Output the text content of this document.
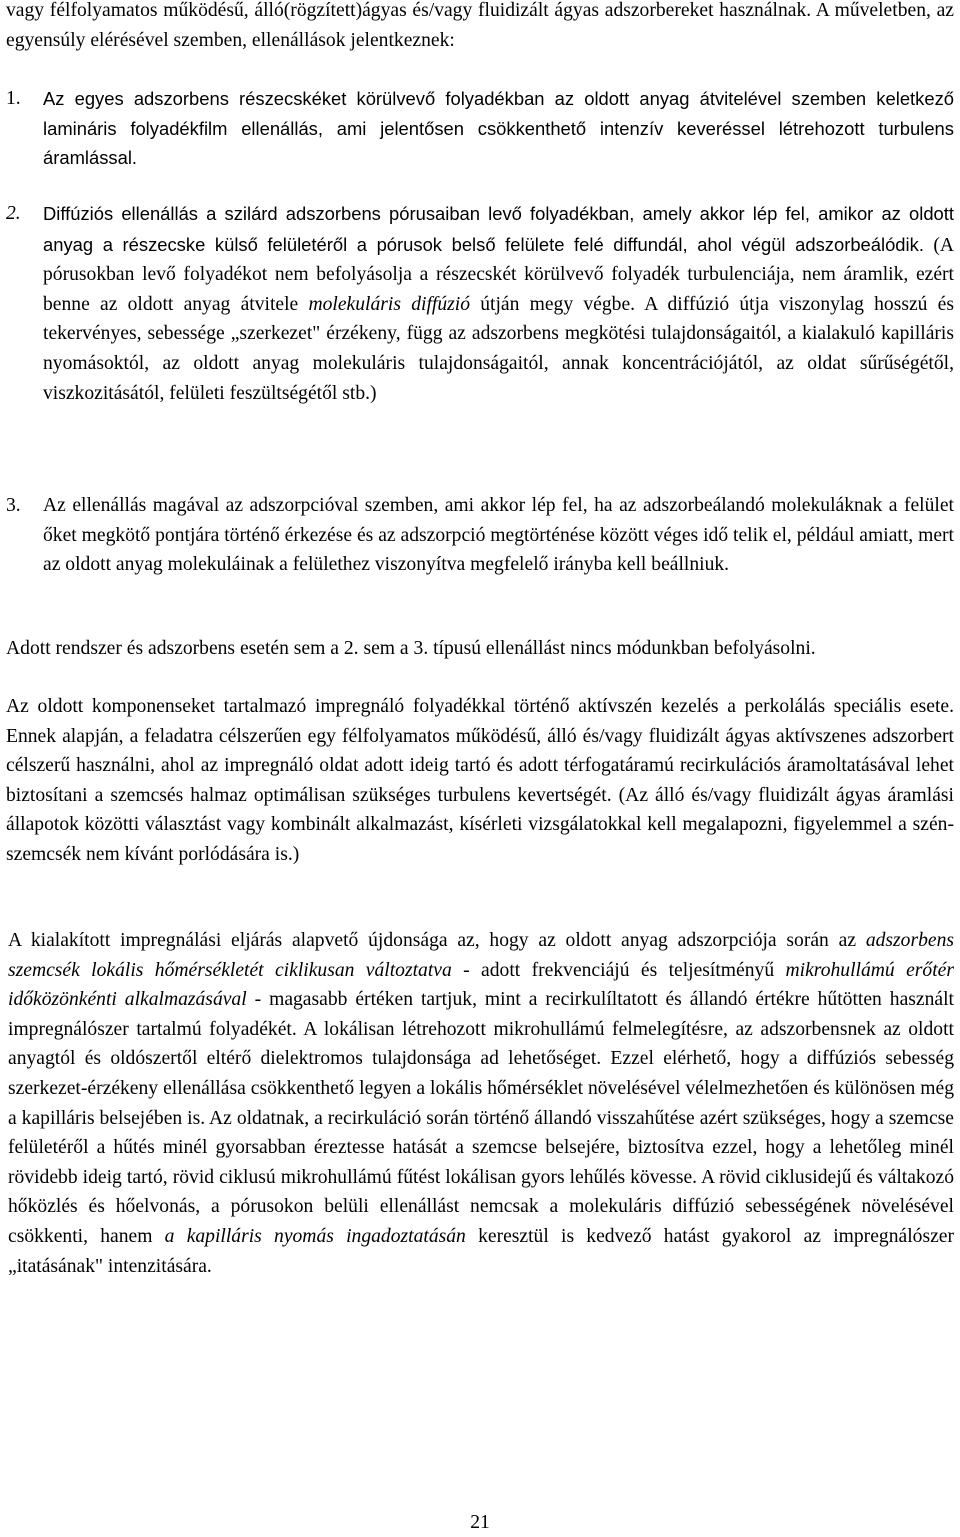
vagy félfolyamatos működésű, álló(rögzített)ágyas és/vagy fluidizált ágyas adszorbereket használnak. A műveletben, az egyensúly elérésével szemben, ellenállások jelentkeznek:

1.	Az egyes adszorbens részecskéket körülvevő folyadékban az oldott anyag átvitelével szemben keletkező lamináris folyadékfilm ellenállás, ami jelentősen csökkenthető intenzív keveréssel létrehozott turbulens áramlással.
2.	Diffúziós ellenállás a szilárd adszorbens pórusaiban levő folyadékban, amely akkor lép fel, amikor az oldott anyag a részecske külső felületéről a pórusok belső felülete felé diffundál, ahol végül adszorbeálódik. (A pórusokban levő folyadékot nem befolyásolja a részecskét körülvevő folyadék turbulenciája, nem áramlik, ezért benne az oldott anyag átvitele molekuláris diffúzió útján megy végbe. A diffúzió útja viszonylag hosszú és tekervényes, sebessége „szerkezet" érzékeny, függ az adszorbens megkötési tulajdonságaitól, a kialakuló kapilláris nyomásoktól, az oldott anyag molekuláris tulajdonságaitól, annak koncentrációjától, az oldat sűrűségétől, viszkozitásától, felületi feszültségétől stb.)
3.	Az ellenállás magával az adszorpcióval szemben, ami akkor lép fel, ha az adszorbeálandó molekuláknak a felület őket megkötő pontjára történő érkezése és az adszorpció megtörténése között véges idő telik el, például amiatt, mert az oldott anyag molekuláinak a felülethez viszonyítva megfelelő irányba kell beállniuk.

Adott rendszer és adszorbens esetén sem a 2. sem a 3. típusú ellenállást nincs módunkban befolyásolni.

Az oldott komponenseket tartalmazó impregnáló folyadékkal történő aktívszén kezelés a perkolálás speciális esete. Ennek alapján, a feladatra célszerűen egy félfolyamatos működésű, álló és/vagy fluidizált ágyas aktívszenes adszorbert célszerű használni, ahol az impregnáló oldat adott ideig tartó és adott térfogatáramú recirkulációs áramoltatásával lehet biztosítani a szemcsés halmaz optimálisan szükséges turbulens kevertségét. (Az álló és/vagy fluidizált ágyas áramlási állapotok közötti választást vagy kombinált alkalmazást, kísérleti vizsgálatokkal kell megalapozni, figyelemmel a szén-szemcsék nem kívánt porlódására is.)

A kialakított impregnálási eljárás alapvető újdonsága az, hogy az oldott anyag adszorpciója során az adszorbens szemcsék lokális hőmérsékletét ciklikusan változtatva - adott frekvenciájú és teljesítményű mikrohullámú erőtér időközönkénti alkalmazásával - magasabb értéken tartjuk, mint a recirkulíltatott és állandó értékre hűtötten használt impregnálószer tartalmú folyadékét. A lokálisan létrehozott mikrohullámú felmelegítésre, az adszorbensnek az oldott anyagtól és oldószertől eltérő dielektromos tulajdonsága ad lehetőséget. Ezzel elérhető, hogy a diffúziós sebesség szerkezet-érzékeny ellenállása csökkenthető legyen a lokális hőmérséklet növelésével vélelmezhetően és különösen még a kapilláris belsejében is. Az oldatnak, a recirkuláció során történő állandó visszahűtése azért szükséges, hogy a szemcse felületéről a hűtés minél gyorsabban éreztesse hatását a szemcse belsejére, biztosítva ezzel, hogy a lehetőleg minél rövidebb ideig tartó, rövid ciklusú mikrohullámú fűtést lokálisan gyors lehűlés kövesse. A rövid ciklusidejű és váltakozó hőközlés és hőelvonás, a pórusokon belüli ellenállást nemcsak a molekuláris diffúzió sebességének növelésével csökkenti, hanem a kapilláris nyomás ingadoztatásán keresztül is kedvező hatást gyakorol az impregnálószer „itatásának" intenzitására.

21
